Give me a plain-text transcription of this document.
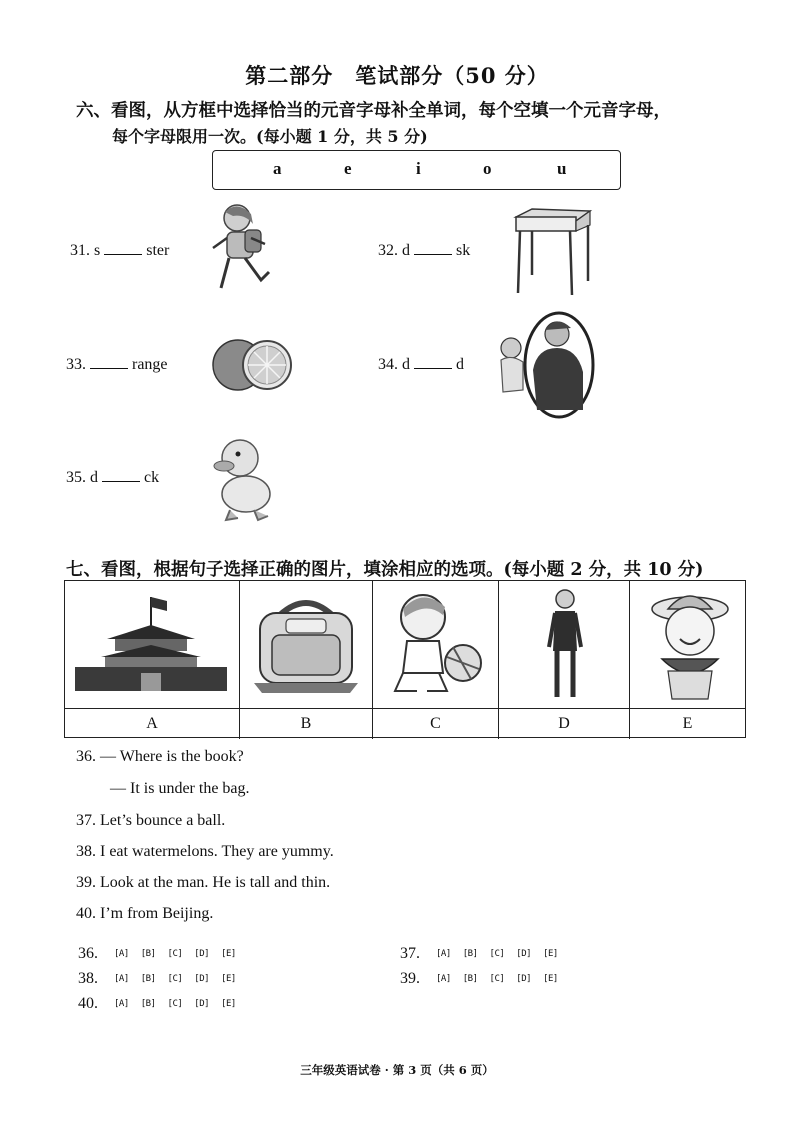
第二部分　笔试部分（50 分）
六、看图，从方框中选择恰当的元音字母补全单词，每个空填一个元音字母，
每个字母限用一次。(每小题 1 分，共 5 分)
a	e	i	o	u
31. s	ster	32. d	sk
33.	range	34. d	d
35. d	ck
七、看图，根据句子选择正确的图片，填涂相应的选项。(每小题 2 分，共 10 分)
A	B	C	D	E
36. — Where is the book?
— It is under the bag.
37. Let’s bounce a ball.
38. I eat watermelons. They are yummy.
39. Look at the man. He is tall and thin.
40. I’m from Beijing.
36. [A] [B] [C] [D] [E]	37. [A] [B] [C] [D] [E]
38. [A] [B] [C] [D] [E]	39. [A] [B] [C] [D] [E]
40. [A] [B] [C] [D] [E]
三年级英语试卷 · 第 3 页（共 6 页）
